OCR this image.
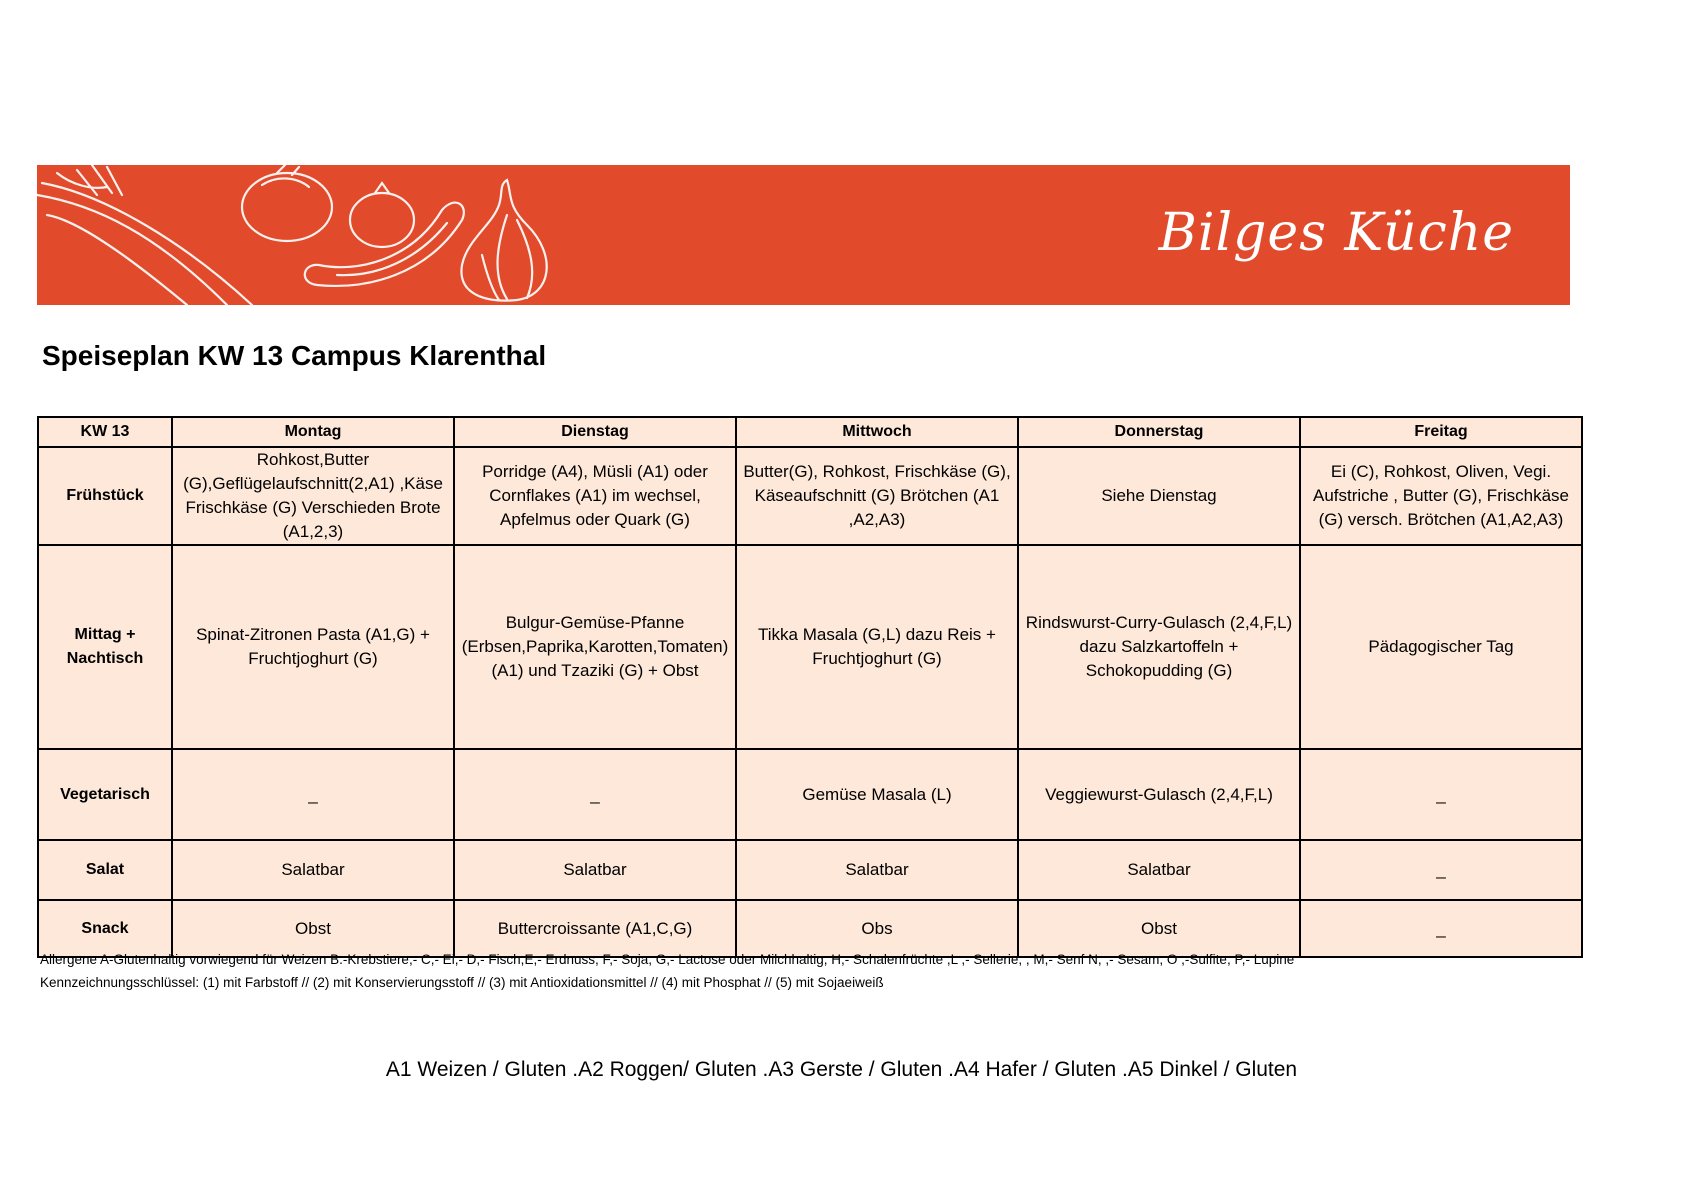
Bilges Küche
Speiseplan KW 13 Campus Klarenthal
KW 13	Montag	Dienstag	Mittwoch	Donnerstag	Freitag
Frühstück	Rohkost,Butter (G),Geflügelaufschnitt(2,A1) ,Käse Frischkäse (G) Verschieden Brote (A1,2,3)	Porridge (A4), Müsli (A1) oder Cornflakes (A1) im wechsel, Apfelmus oder Quark (G)	Butter(G), Rohkost, Frischkäse (G), Käseaufschnitt (G) Brötchen (A1 ,A2,A3)	Siehe Dienstag	Ei (C), Rohkost, Oliven, Vegi. Aufstriche , Butter (G), Frischkäse (G) versch. Brötchen (A1,A2,A3)
Mittag + Nachtisch	Spinat-Zitronen Pasta (A1,G) + Fruchtjoghurt (G)	Bulgur-Gemüse-Pfanne (Erbsen,Paprika,Karotten,Tomaten)(A1) und Tzaziki (G) + Obst	Tikka Masala (G,L) dazu Reis + Fruchtjoghurt (G)	Rindswurst-Curry-Gulasch (2,4,F,L) dazu Salzkartoffeln + Schokopudding (G)	Pädagogischer Tag
Vegetarisch	_	_	Gemüse Masala (L)	Veggiewurst-Gulasch (2,4,F,L)	_
Salat	Salatbar	Salatbar	Salatbar	Salatbar	_
Snack	Obst	Buttercroissante (A1,C,G)	Obs	Obst	_
Allergene A-Glutenhaltig vorwiegend für Weizen B.-Krebstiere,- C,- Ei,- D,- Fisch,E,- Erdnuss, F,- Soja, G,- Lactose oder Milchhaltig, H,- Schalenfrüchte ,L ,- Sellerie, , M,- Senf N, ,- Sesam, O ,-Sulfite, P,- Lupine
Kennzeichnungsschlüssel: (1) mit Farbstoff // (2) mit Konservierungsstoff // (3) mit Antioxidationsmittel // (4) mit Phosphat // (5) mit Sojaeiweiß
A1 Weizen / Gluten .A2 Roggen/ Gluten .A3 Gerste / Gluten .A4 Hafer / Gluten .A5 Dinkel / Gluten
